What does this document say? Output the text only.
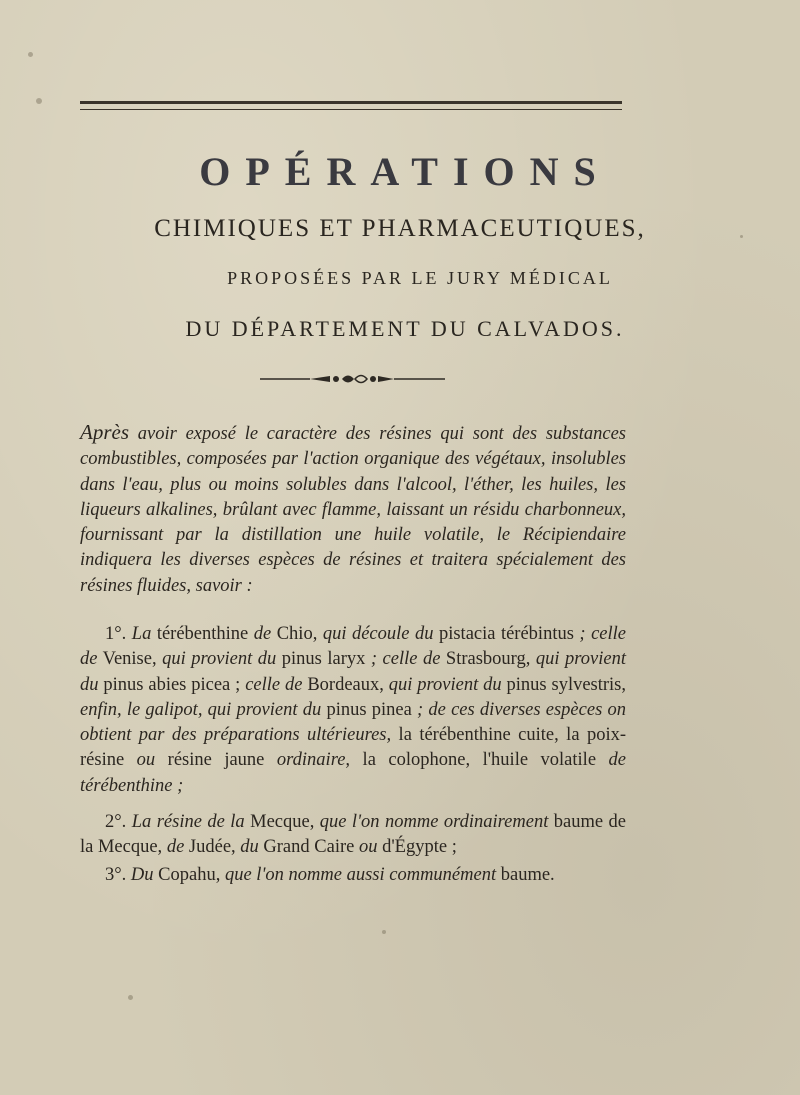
OPÉRATIONS
CHIMIQUES ET PHARMACEUTIQUES,
PROPOSÉES PAR LE JURY MÉDICAL
DU DÉPARTEMENT DU CALVADOS.
Après avoir exposé le caractère des résines qui sont des substances combustibles, composées par l'action organique des végétaux, insolubles dans l'eau, plus ou moins solubles dans l'alcool, l'éther, les huiles, les liqueurs alkalines, brûlant avec flamme, laissant un résidu charbonneux, fournissant par la distillation une huile volatile, le Récipiendaire indiquera les diverses espèces de résines et traitera spécialement des résines fluides, savoir :
1°. La térébenthine de Chio, qui découle du pistacia térébintus ; celle de Venise, qui provient du pinus laryx ; celle de Strasbourg, qui provient du pinus abies picea ; celle de Bordeaux, qui provient du pinus sylvestris, enfin, le galipot, qui provient du pinus pinea ; de ces diverses espèces on obtient par des préparations ultérieures, la térébenthine cuite, la poix-résine ou résine jaune ordinaire, la colophone, l'huile volatile de térébenthine ;
2°. La résine de la Mecque, que l'on nomme ordinairement baume de la Mecque, de Judée, du Grand Caire ou d'Égypte ;
3°. Du Copahu, que l'on nomme aussi communément baume.
